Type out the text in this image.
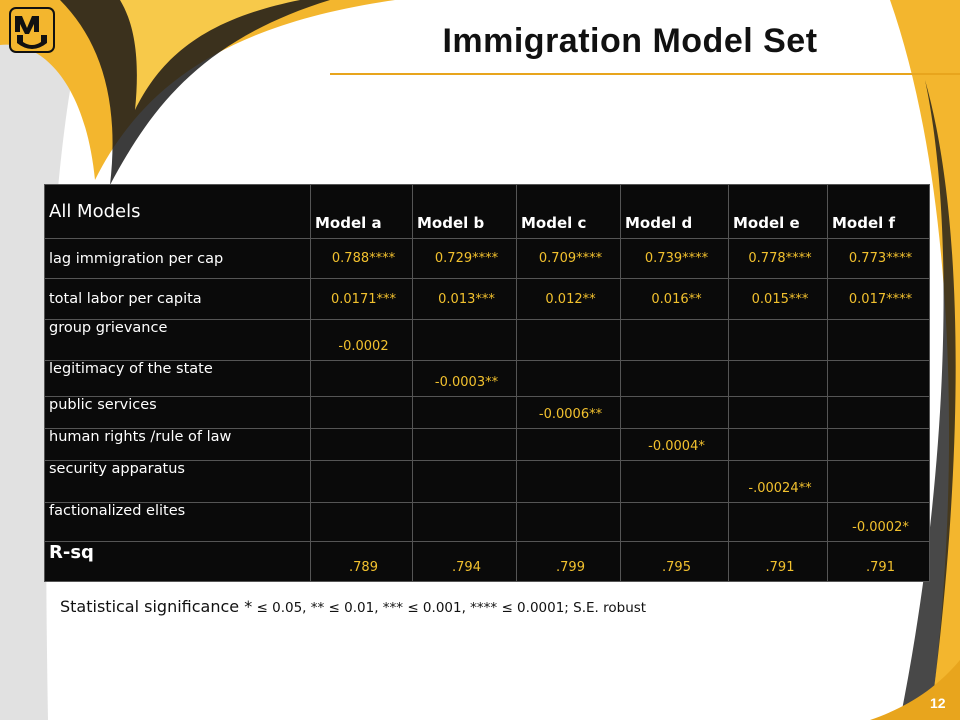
Immigration Model Set
All Models	Model a	Model b	Model c	Model d	Model e	Model f
lag immigration per cap	0.788****	0.729****	0.709****	0.739****	0.778****	0.773****
total labor per capita	0.0171***	0.013***	0.012**	0.016**	0.015***	0.017****
group grievance	-0.0002					
legitimacy of the state		-0.0003**				
public services			-0.0006**			
human rights /rule of law				-0.0004*		
security apparatus					-.00024**	
factionalized elites						-0.0002*
R-sq	.789	.794	.799	.795	.791	.791
Statistical significance * ≤ 0.05, ** ≤ 0.01, *** ≤ 0.001, **** ≤ 0.0001; S.E. robust
12
